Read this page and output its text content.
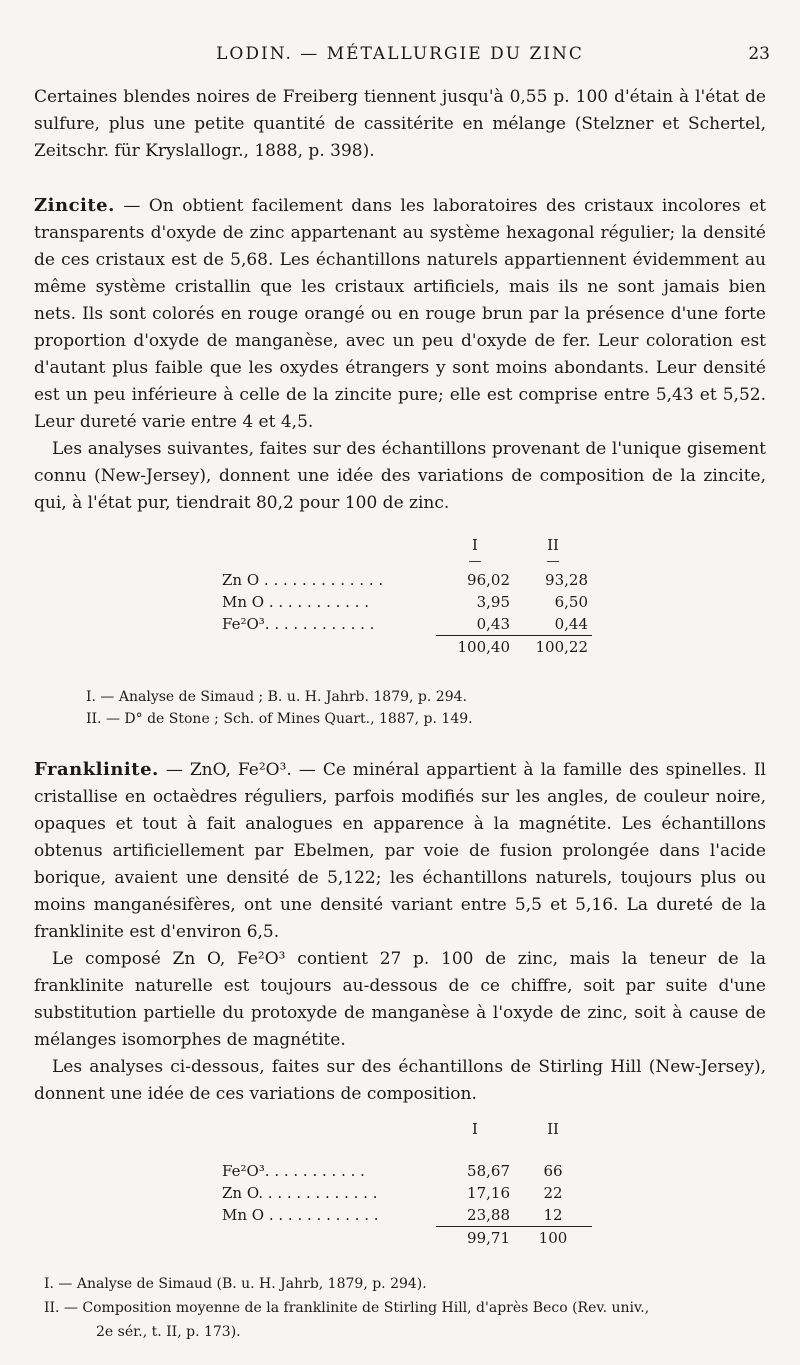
LODIN. — MÉTALLURGIE DU ZINC	23

Certaines blendes noires de Freiberg tiennent jusqu'à 0,55 p. 100 d'étain à l'état de sulfure, plus une petite quantité de cassitérite en mélange (Stelzner et Schertel, Zeitschr. für Kryslallogr., 1888, p. 398).

Zincite. — On obtient facilement dans les laboratoires des cristaux incolores et transparents d'oxyde de zinc appartenant au système hexagonal régulier; la densité de ces cristaux est de 5,68. Les échantillons naturels appartiennent évidemment au même système cristallin que les cristaux artificiels, mais ils ne sont jamais bien nets. Ils sont colorés en rouge orangé ou en rouge brun par la présence d'une forte proportion d'oxyde de manganèse, avec un peu d'oxyde de fer. Leur coloration est d'autant plus faible que les oxydes étrangers y sont moins abondants. Leur densité est un peu inférieure à celle de la zincite pure; elle est comprise entre 5,43 et 5,52. Leur dureté varie entre 4 et 4,5.

Les analyses suivantes, faites sur des échantillons provenant de l'unique gisement connu (New-Jersey), donnent une idée des variations de composition de la zincite, qui, à l'état pur, tiendrait 80,2 pour 100 de zinc.

	I	II
	—	—
Zn O . . . . . . . . . . . . .	96,02	93,28
Mn O . . . . . . . . . . .	3,95	6,50
Fe²O³. . . . . . . . . . . .	0,43	0,44
	100,40	100,22
I. — Analyse de Simaud ; B. u. H. Jahrb. 1879, p. 294.
II. — D° de Stone ; Sch. of Mines Quart., 1887, p. 149.

Franklinite. — ZnO, Fe²O³. — Ce minéral appartient à la famille des spinelles. Il cristallise en octaèdres réguliers, parfois modifiés sur les angles, de couleur noire, opaques et tout à fait analogues en apparence à la magnétite. Les échantillons obtenus artificiellement par Ebelmen, par voie de fusion prolongée dans l'acide borique, avaient une densité de 5,122; les échantillons naturels, toujours plus ou moins manganésifères, ont une densité variant entre 5,5 et 5,16. La dureté de la franklinite est d'environ 6,5.

Le composé Zn O, Fe²O³ contient 27 p. 100 de zinc, mais la teneur de la franklinite naturelle est toujours au-dessous de ce chiffre, soit par suite d'une substitution partielle du protoxyde de manganèse à l'oxyde de zinc, soit à cause de mélanges isomorphes de magnétite.

Les analyses ci-dessous, faites sur des échantillons de Stirling Hill (New-Jersey), donnent une idée de ces variations de composition.

	I	II

Fe²O³. . . . . . . . . . .	58,67	66
Zn O. . . . . . . . . . . . .	17,16	22
Mn O . . . . . . . . . . . .	23,88	12
	99,71	100
I. — Analyse de Simaud (B. u. H. Jahrb, 1879, p. 294).
II. — Composition moyenne de la franklinite de Stirling Hill, d'après Beco (Rev. univ.,
2e sér., t. II, p. 173).
